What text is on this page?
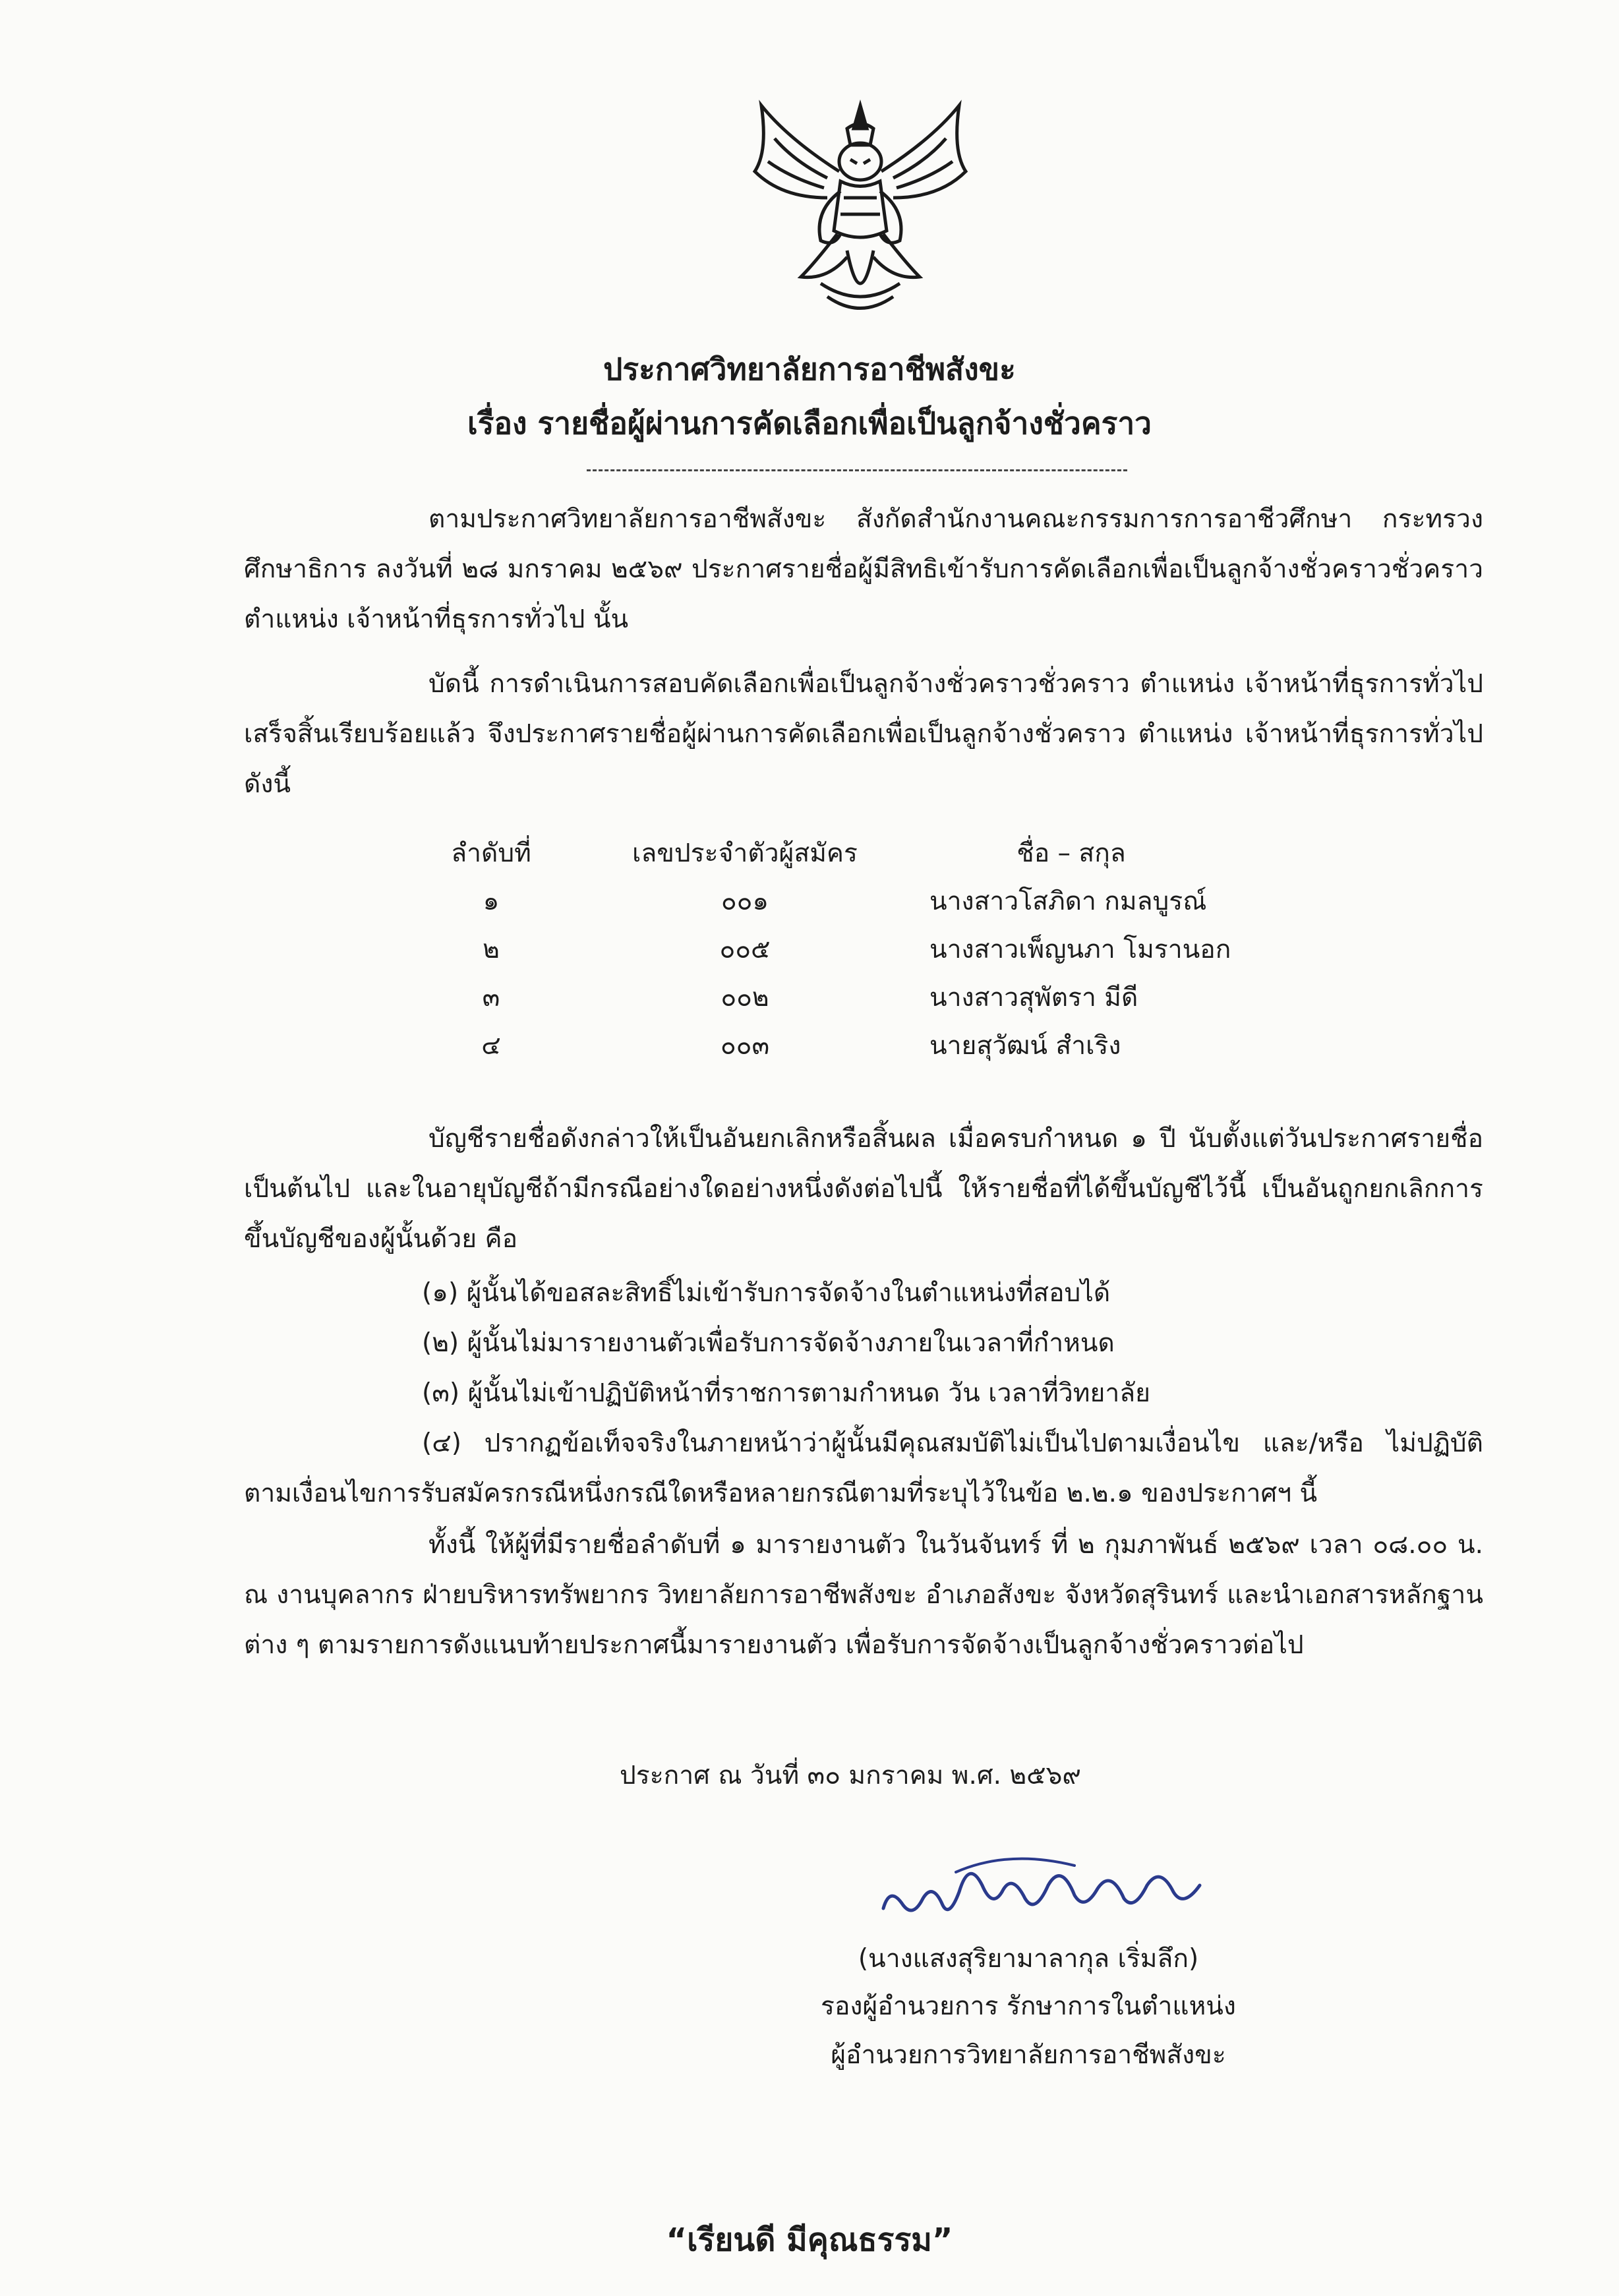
ประกาศวิทยาลัยการอาชีพสังขะ
เรื่อง รายชื่อผู้ผ่านการคัดเลือกเพื่อเป็นลูกจ้างชั่วคราว
ตามประกาศวิทยาลัยการอาชีพสังขะ สังกัดสำนักงานคณะกรรมการการอาชีวศึกษา กระทรวงศึกษาธิการ ลงวันที่ ๒๘ มกราคม ๒๕๖๙ ประกาศรายชื่อผู้มีสิทธิเข้ารับการคัดเลือกเพื่อเป็นลูกจ้างชั่วคราวชั่วคราว ตำแหน่ง เจ้าหน้าที่ธุรการทั่วไป นั้น
บัดนี้ การดำเนินการสอบคัดเลือกเพื่อเป็นลูกจ้างชั่วคราวชั่วคราว ตำแหน่ง เจ้าหน้าที่ธุรการทั่วไป เสร็จสิ้นเรียบร้อยแล้ว จึงประกาศรายชื่อผู้ผ่านการคัดเลือกเพื่อเป็นลูกจ้างชั่วคราว ตำแหน่ง เจ้าหน้าที่ธุรการทั่วไป ดังนี้
ลำดับที่	เลขประจำตัวผู้สมัคร	ชื่อ – สกุล
๑	๐๐๑	นางสาวโสภิดา กมลบูรณ์
๒	๐๐๕	นางสาวเพ็ญนภา โมรานอก
๓	๐๐๒	นางสาวสุพัตรา มีดี
๔	๐๐๓	นายสุวัฒน์ สำเริง
บัญชีรายชื่อดังกล่าวให้เป็นอันยกเลิกหรือสิ้นผล เมื่อครบกำหนด ๑ ปี นับตั้งแต่วันประกาศรายชื่อเป็นต้นไป และในอายุบัญชีถ้ามีกรณีอย่างใดอย่างหนึ่งดังต่อไปนี้ ให้รายชื่อที่ได้ขึ้นบัญชีไว้นี้ เป็นอันถูกยกเลิกการขึ้นบัญชีของผู้นั้นด้วย คือ
(๑) ผู้นั้นได้ขอสละสิทธิ์ไม่เข้ารับการจัดจ้างในตำแหน่งที่สอบได้
(๒) ผู้นั้นไม่มารายงานตัวเพื่อรับการจัดจ้างภายในเวลาที่กำหนด
(๓) ผู้นั้นไม่เข้าปฏิบัติหน้าที่ราชการตามกำหนด วัน เวลาที่วิทยาลัย
(๔) ปรากฏข้อเท็จจริงในภายหน้าว่าผู้นั้นมีคุณสมบัติไม่เป็นไปตามเงื่อนไข และ/หรือ ไม่ปฏิบัติตามเงื่อนไขการรับสมัครกรณีหนึ่งกรณีใดหรือหลายกรณีตามที่ระบุไว้ในข้อ ๒.๒.๑ ของประกาศฯ นี้
ทั้งนี้ ให้ผู้ที่มีรายชื่อลำดับที่ ๑ มารายงานตัว ในวันจันทร์ ที่ ๒ กุมภาพันธ์ ๒๕๖๙ เวลา ๐๘.๐๐ น. ณ งานบุคลากร ฝ่ายบริหารทรัพยากร วิทยาลัยการอาชีพสังขะ อำเภอสังขะ จังหวัดสุรินทร์ และนำเอกสารหลักฐานต่าง ๆ ตามรายการดังแนบท้ายประกาศนี้มารายงานตัว เพื่อรับการจัดจ้างเป็นลูกจ้างชั่วคราวต่อไป
ประกาศ ณ วันที่ ๓๐ มกราคม พ.ศ. ๒๕๖๙
(นางแสงสุริยามาลากุล เริ่มลึก)
รองผู้อำนวยการ รักษาการในตำแหน่ง
ผู้อำนวยการวิทยาลัยการอาชีพสังขะ
“เรียนดี มีคุณธรรม”
